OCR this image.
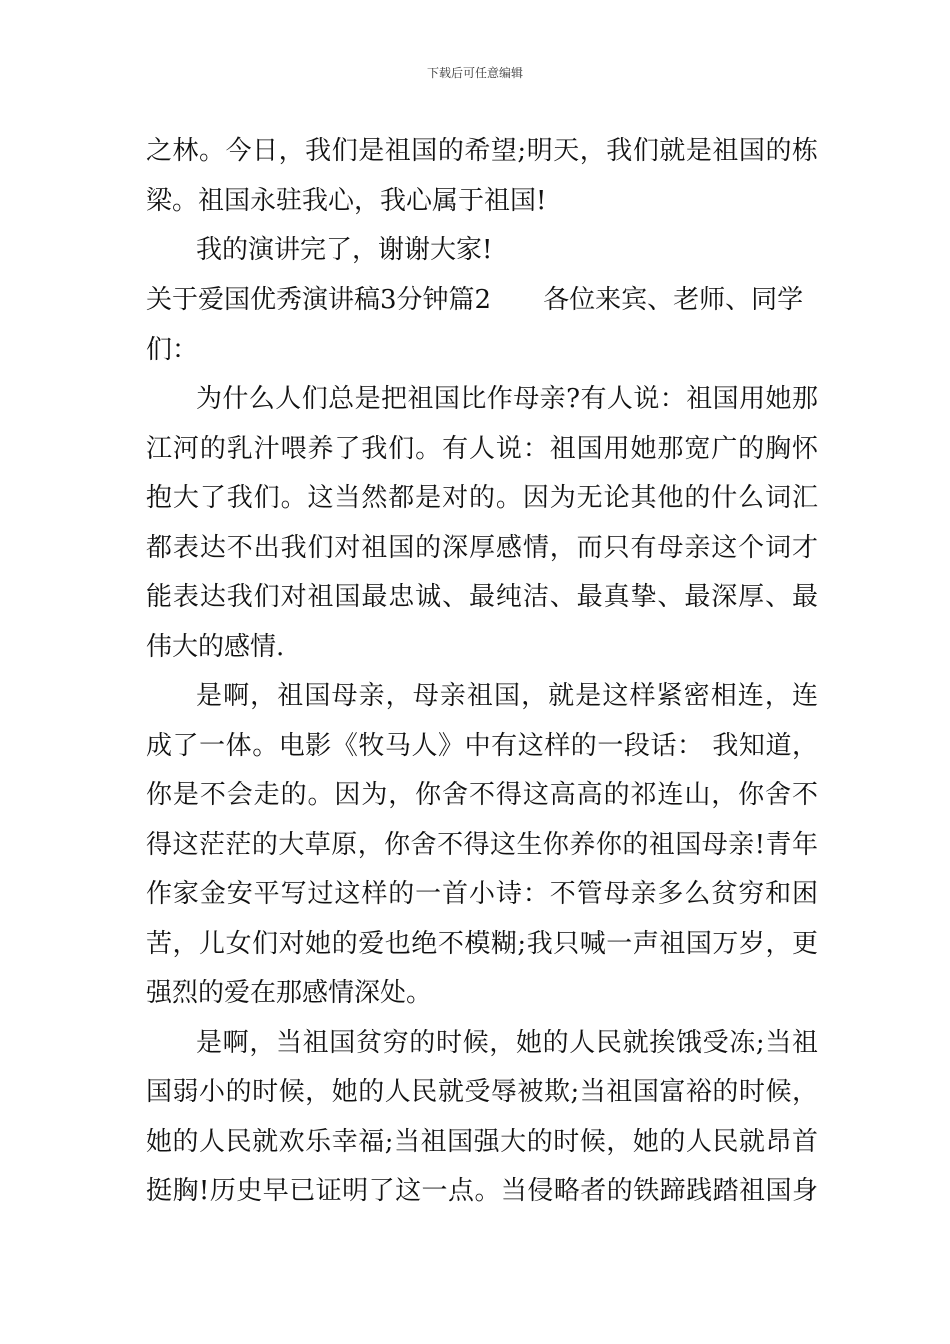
下载后可任意编辑
之林。今日，我们是祖国的希望;明天，我们就是祖国的栋
梁。祖国永驻我心，我心属于祖国!
我的演讲完了，谢谢大家!
关于爱国优秀演讲稿3分钟篇2　　各位来宾、老师、同学
们：
为什么人们总是把祖国比作母亲?有人说：祖国用她那
江河的乳汁喂养了我们。有人说：祖国用她那宽广的胸怀
抱大了我们。这当然都是对的。因为无论其他的什么词汇
都表达不出我们对祖国的深厚感情，而只有母亲这个词才
能表达我们对祖国最忠诚、最纯洁、最真挚、最深厚、最
伟大的感情.
是啊，祖国母亲，母亲祖国，就是这样紧密相连，连
成了一体。电影《牧马人》中有这样的一段话： 我知道，
你是不会走的。因为，你舍不得这高高的祁连山，你舍不
得这茫茫的大草原，你舍不得这生你养你的祖国母亲!青年
作家金安平写过这样的一首小诗：不管母亲多么贫穷和困
苦，儿女们对她的爱也绝不模糊;我只喊一声祖国万岁，更
强烈的爱在那感情深处。
是啊，当祖国贫穷的时候，她的人民就挨饿受冻;当祖
国弱小的时候，她的人民就受辱被欺;当祖国富裕的时候，
她的人民就欢乐幸福;当祖国强大的时候，她的人民就昂首
挺胸!历史早已证明了这一点。当侵略者的铁蹄践踏祖国身
